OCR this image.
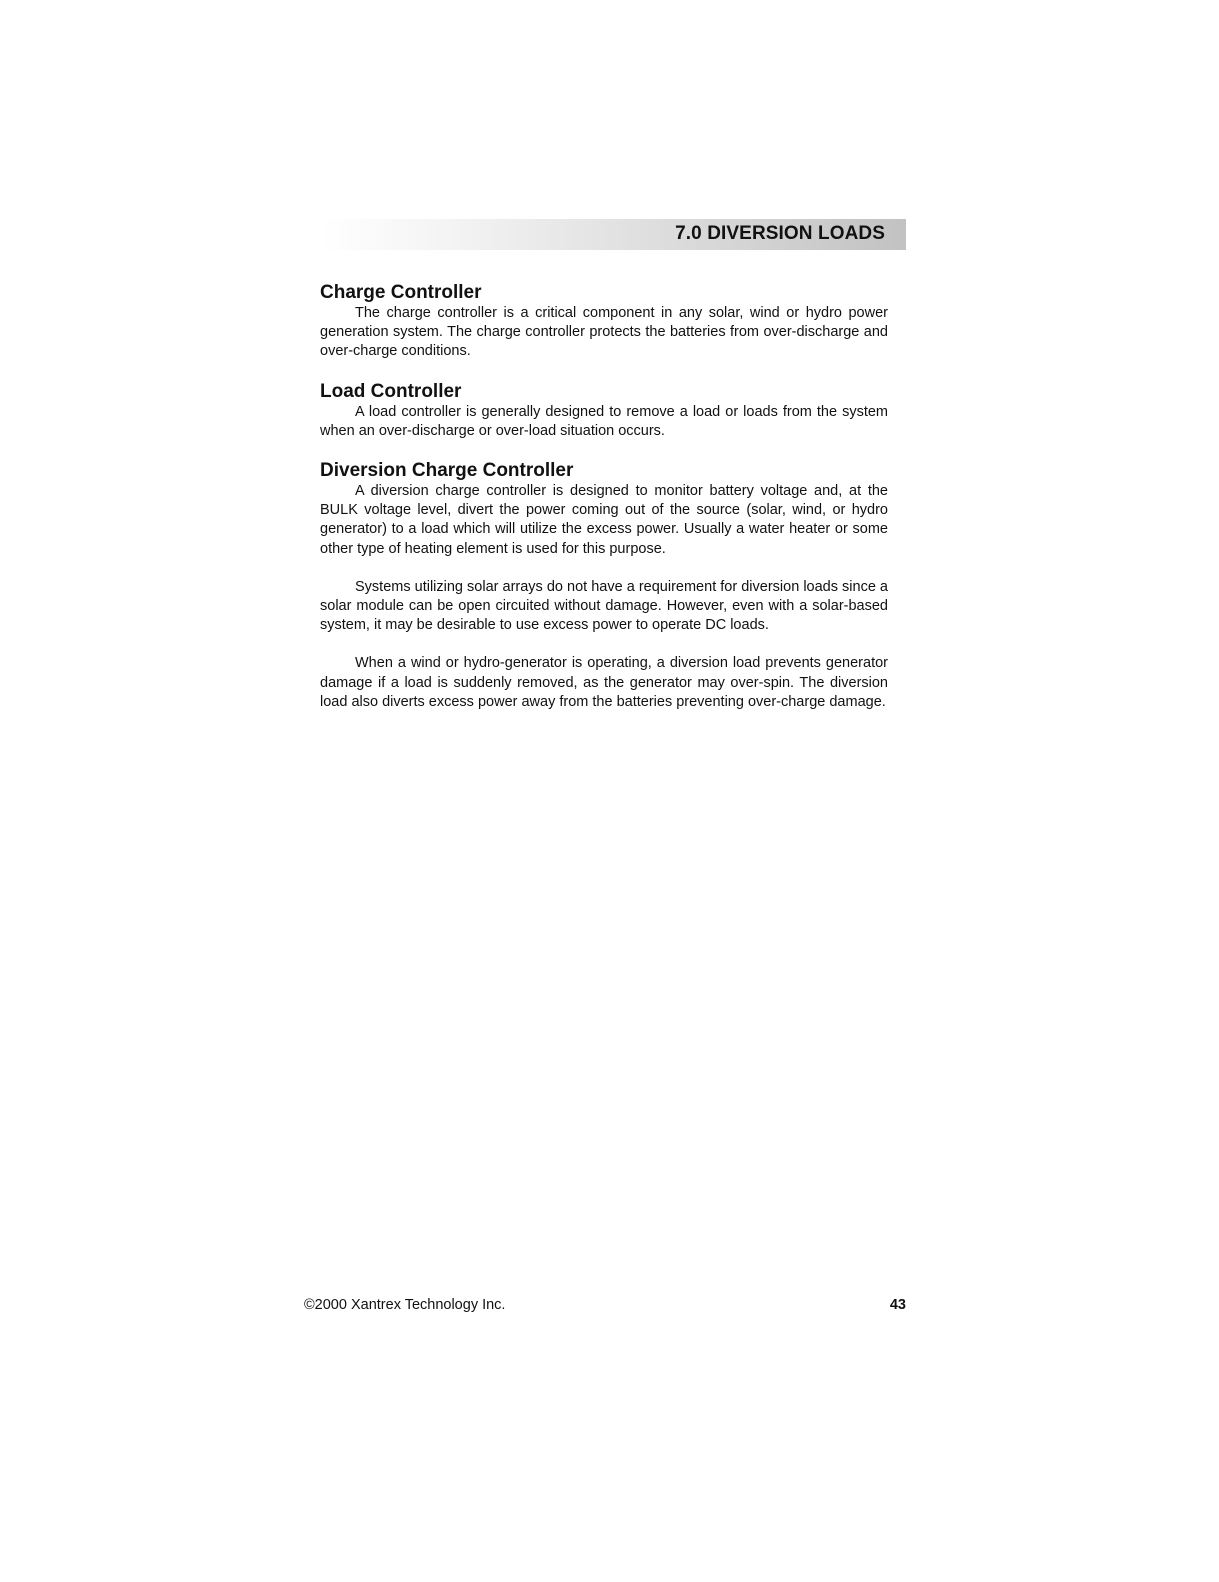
7.0 DIVERSION LOADS
Charge Controller

The charge controller is a critical component in any solar, wind or hydro power generation system. The charge controller protects the batteries from over-discharge and over-charge conditions.

Load Controller

A load controller is generally designed to remove a load or loads from the system when an over-discharge or over-load situation occurs.

Diversion Charge Controller

A diversion charge controller is designed to monitor battery voltage and, at the BULK voltage level, divert the power coming out of the source (solar, wind, or hydro generator) to a load which will utilize the excess power. Usually a water heater or some other type of heating element is used for this purpose.

Systems utilizing solar arrays do not have a requirement for diversion loads since a solar module can be open circuited without damage. However, even with a solar-based system, it may be desirable to use excess power to operate DC loads.

When a wind or hydro-generator is operating, a diversion load prevents generator damage if a load is suddenly removed, as the generator may over-spin. The diversion load also diverts excess power away from the batteries preventing over-charge damage.

©2000 Xantrex Technology Inc.	43
